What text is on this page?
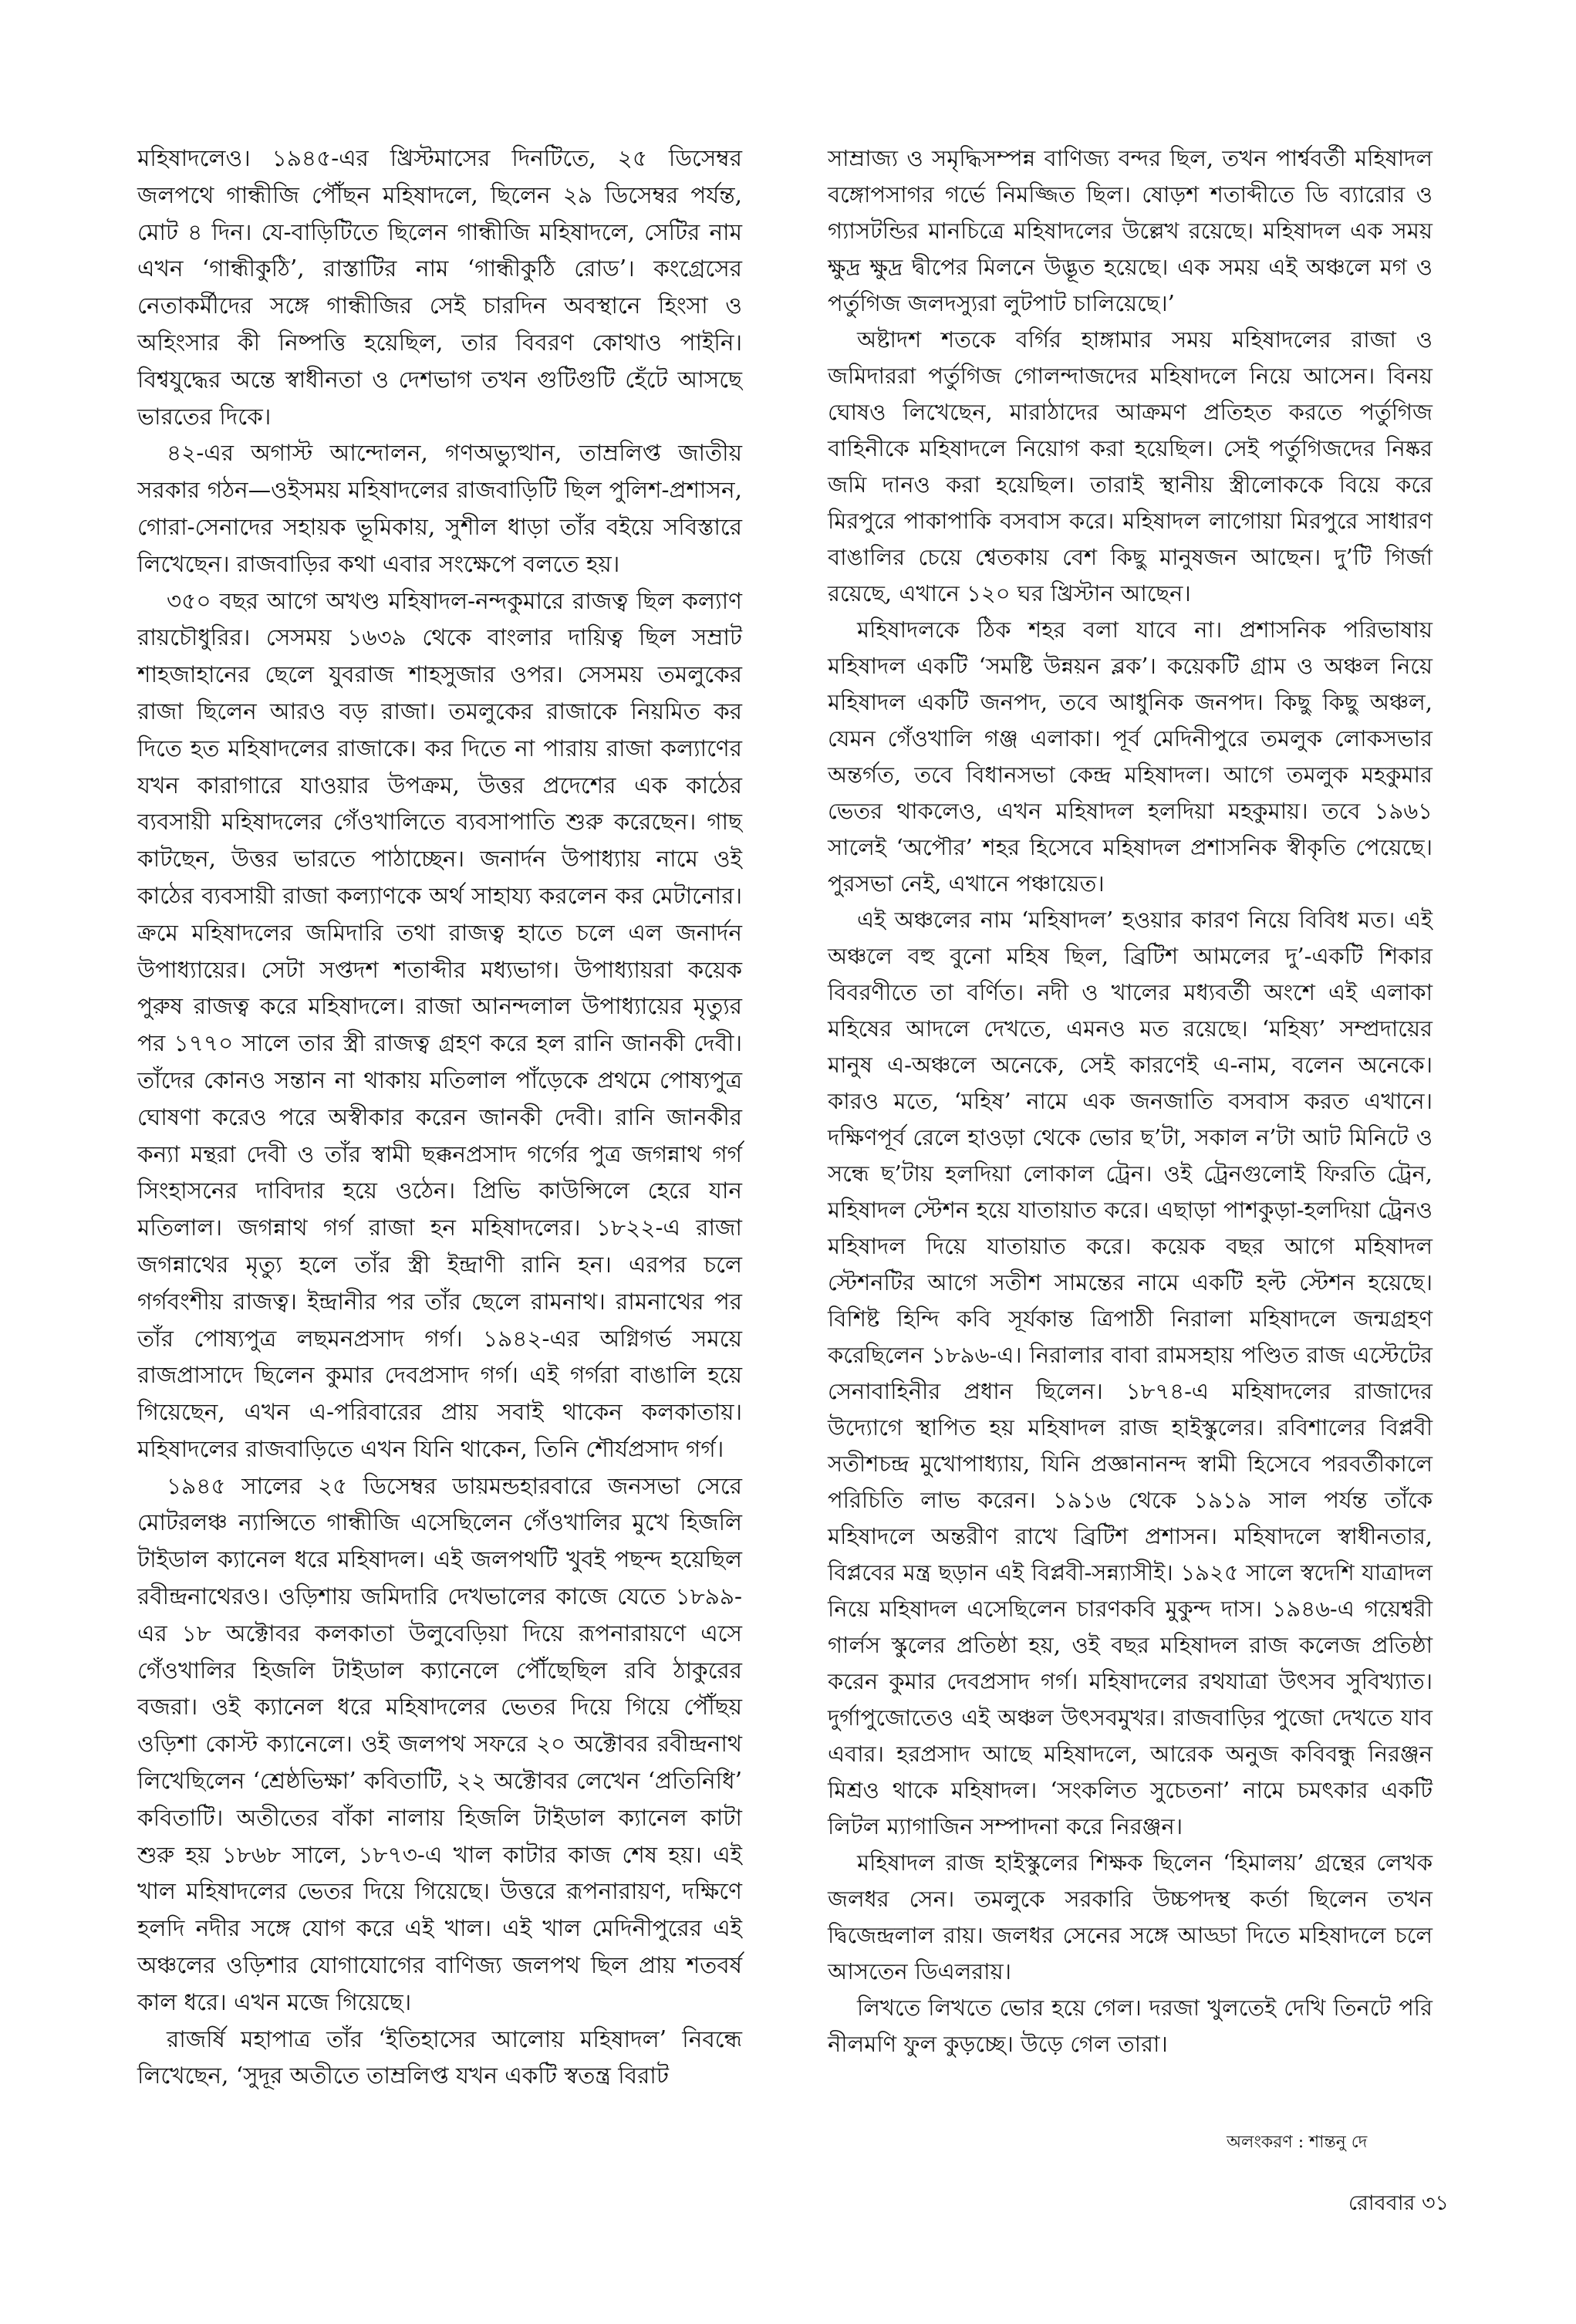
মহিষাদলেও। ১৯৪৫-এর খ্রিস্টমাসের দিনটিতে, ২৫ ডিসেম্বর জলপথে গান্ধীজি পৌঁছন মহিষাদলে, ছিলেন ২৯ ডিসেম্বর পর্যন্ত, মোট ৪ দিন। যে-বাড়িটিতে ছিলেন গান্ধীজি মহিষাদলে, সেটির নাম এখন ‘গান্ধীকুঠি’, রাস্তাটির নাম ‘গান্ধীকুঠি রোড’। কংগ্রেসের নেতাকর্মীদের সঙ্গে গান্ধীজির সেই চারদিন অবস্থানে হিংসা ও অহিংসার কী নিষ্পত্তি হয়েছিল, তার বিবরণ কোথাও পাইনি। বিশ্বযুদ্ধের অন্তে স্বাধীনতা ও দেশভাগ তখন গুটিগুটি হেঁটে আসছে ভারতের দিকে।

৪২-এর অগাস্ট আন্দোলন, গণঅভ্যুত্থান, তাম্রলিপ্ত জাতীয় সরকার গঠন—ওইসময় মহিষাদলের রাজবাড়িটি ছিল পুলিশ-প্রশাসন, গোরা-সেনাদের সহায়ক ভূমিকায়, সুশীল ধাড়া তাঁর বইয়ে সবিস্তারে লিখেছেন। রাজবাড়ির কথা এবার সংক্ষেপে বলতে হয়।

৩৫০ বছর আগে অখণ্ড মহিষাদল-নন্দকুমারে রাজত্ব ছিল কল্যাণ রায়চৌধুরির। সেসময় ১৬৩৯ থেকে বাংলার দায়িত্ব ছিল সম্রাট শাহজাহানের ছেলে যুবরাজ শাহসুজার ওপর। সেসময় তমলুকের রাজা ছিলেন আরও বড় রাজা। তমলুকের রাজাকে নিয়মিত কর দিতে হত মহিষাদলের রাজাকে। কর দিতে না পারায় রাজা কল্যাণের যখন কারাগারে যাওয়ার উপক্রম, উত্তর প্রদেশের এক কাঠের ব্যবসায়ী মহিষাদলের গেঁওখালিতে ব্যবসাপাতি শুরু করেছেন। গাছ কাটছেন, উত্তর ভারতে পাঠাচ্ছেন। জনার্দন উপাধ্যায় নামে ওই কাঠের ব্যবসায়ী রাজা কল্যাণকে অর্থ সাহায্য করলেন কর মেটানোর। ক্রমে মহিষাদলের জমিদারি তথা রাজত্ব হাতে চলে এল জনার্দন উপাধ্যায়ের। সেটা সপ্তদশ শতাব্দীর মধ্যভাগ। উপাধ্যায়রা কয়েক পুরুষ রাজত্ব করে মহিষাদলে। রাজা আনন্দলাল উপাধ্যায়ের মৃত্যুর পর ১৭৭০ সালে তার স্ত্রী রাজত্ব গ্রহণ করে হল রানি জানকী দেবী। তাঁদের কোনও সন্তান না থাকায় মতিলাল পাঁড়েকে প্রথমে পোষ্যপুত্র ঘোষণা করেও পরে অস্বীকার করেন জানকী দেবী। রানি জানকীর কন্যা মন্থরা দেবী ও তাঁর স্বামী ছক্কনপ্রসাদ গর্গের পুত্র জগন্নাথ গর্গ সিংহাসনের দাবিদার হয়ে ওঠেন। প্রিভি কাউন্সিলে হেরে যান মতিলাল। জগন্নাথ গর্গ রাজা হন মহিষাদলের। ১৮২২-এ রাজা জগন্নাথের মৃত্যু হলে তাঁর স্ত্রী ইন্দ্রাণী রানি হন। এরপর চলে গর্গবংশীয় রাজত্ব। ইন্দ্রানীর পর তাঁর ছেলে রামনাথ। রামনাথের পর তাঁর পোষ্যপুত্র লছমনপ্রসাদ গর্গ। ১৯৪২-এর অগ্নিগর্ভ সময়ে রাজপ্রাসাদে ছিলেন কুমার দেবপ্রসাদ গর্গ। এই গর্গরা বাঙালি হয়ে গিয়েছেন, এখন এ-পরিবারের প্রায় সবাই থাকেন কলকাতায়। মহিষাদলের রাজবাড়িতে এখন যিনি থাকেন, তিনি শৌর্যপ্রসাদ গর্গ।

১৯৪৫ সালের ২৫ ডিসেম্বর ডায়মন্ডহারবারে জনসভা সেরে মোটরলঞ্চ ন্যান্সিতে গান্ধীজি এসেছিলেন গেঁওখালির মুখে হিজলি টাইডাল ক্যানেল ধরে মহিষাদল। এই জলপথটি খুবই পছন্দ হয়েছিল রবীন্দ্রনাথেরও। ওড়িশায় জমিদারি দেখভালের কাজে যেতে ১৮৯৯-এর ১৮ অক্টোবর কলকাতা উলুবেড়িয়া দিয়ে রূপনারায়ণে এসে গেঁওখালির হিজলি টাইডাল ক্যানেলে পৌঁছেছিল রবি ঠাকুরের বজরা। ওই ক্যানেল ধরে মহিষাদলের ভেতর দিয়ে গিয়ে পৌঁছয় ওড়িশা কোস্ট ক্যানেলে। ওই জলপথ সফরে ২০ অক্টোবর রবীন্দ্রনাথ লিখেছিলেন ‘শ্রেষ্ঠভিক্ষা’ কবিতাটি, ২২ অক্টোবর লেখেন ‘প্রতিনিধি’ কবিতাটি। অতীতের বাঁকা নালায় হিজলি টাইডাল ক্যানেল কাটা শুরু হয় ১৮৬৮ সালে, ১৮৭৩-এ খাল কাটার কাজ শেষ হয়। এই খাল মহিষাদলের ভেতর দিয়ে গিয়েছে। উত্তরে রূপনারায়ণ, দক্ষিণে হলদি নদীর সঙ্গে যোগ করে এই খাল। এই খাল মেদিনীপুরের এই অঞ্চলের ওড়িশার যোগাযোগের বাণিজ্য জলপথ ছিল প্রায় শতবর্ষ কাল ধরে। এখন মজে গিয়েছে।

রাজর্ষি মহাপাত্র তাঁর ‘ইতিহাসের আলোয় মহিষাদল’ নিবন্ধে লিখেছেন, ‘সুদূর অতীতে তাম্রলিপ্ত যখন একটি স্বতন্ত্র বিরাট

সাম্রাজ্য ও সমৃদ্ধিসম্পন্ন বাণিজ্য বন্দর ছিল, তখন পার্শ্ববর্তী মহিষাদল বঙ্গোপসাগর গর্ভে নিমজ্জিত ছিল। ষোড়শ শতাব্দীতে ডি ব্যারোর ও গ্যাসটন্ডির মানচিত্রে মহিষাদলের উল্লেখ রয়েছে। মহিষাদল এক সময় ক্ষুদ্র ক্ষুদ্র দ্বীপের মিলনে উদ্ভূত হয়েছে। এক সময় এই অঞ্চলে মগ ও পর্তুগিজ জলদস্যুরা লুটপাট চালিয়েছে।’

অষ্টাদশ শতকে বর্গির হাঙ্গামার সময় মহিষাদলের রাজা ও জমিদাররা পর্তুগিজ গোলন্দাজদের মহিষাদলে নিয়ে আসেন। বিনয় ঘোষও লিখেছেন, মারাঠাদের আক্রমণ প্রতিহত করতে পর্তুগিজ বাহিনীকে মহিষাদলে নিয়োগ করা হয়েছিল। সেই পর্তুগিজদের নিষ্কর জমি দানও করা হয়েছিল। তারাই স্থানীয় স্ত্রীলোককে বিয়ে করে মিরপুরে পাকাপাকি বসবাস করে। মহিষাদল লাগোয়া মিরপুরে সাধারণ বাঙালির চেয়ে শ্বেতকায় বেশ কিছু মানুষজন আছেন। দু’টি গির্জা রয়েছে, এখানে ১২০ ঘর খ্রিস্টান আছেন।

মহিষাদলকে ঠিক শহর বলা যাবে না। প্রশাসনিক পরিভাষায় মহিষাদল একটি ‘সমষ্টি উন্নয়ন ব্লক’। কয়েকটি গ্রাম ও অঞ্চল নিয়ে মহিষাদল একটি জনপদ, তবে আধুনিক জনপদ। কিছু কিছু অঞ্চল, যেমন গেঁওখালি গঞ্জ এলাকা। পূর্ব মেদিনীপুরে তমলুক লোকসভার অন্তর্গত, তবে বিধানসভা কেন্দ্র মহিষাদল। আগে তমলুক মহকুমার ভেতর থাকলেও, এখন মহিষাদল হলদিয়া মহকুমায়। তবে ১৯৬১ সালেই ‘অপৌর’ শহর হিসেবে মহিষাদল প্রশাসনিক স্বীকৃতি পেয়েছে। পুরসভা নেই, এখানে পঞ্চায়েত।

এই অঞ্চলের নাম ‘মহিষাদল’ হওয়ার কারণ নিয়ে বিবিধ মত। এই অঞ্চলে বহু বুনো মহিষ ছিল, ব্রিটিশ আমলের দু’-একটি শিকার বিবরণীতে তা বর্ণিত। নদী ও খালের মধ্যবর্তী অংশে এই এলাকা মহিষের আদলে দেখতে, এমনও মত রয়েছে। ‘মহিষ্য’ সম্প্রদায়ের মানুষ এ-অঞ্চলে অনেকে, সেই কারণেই এ-নাম, বলেন অনেকে। কারও মতে, ‘মহিষ’ নামে এক জনজাতি বসবাস করত এখানে। দক্ষিণপূর্ব রেলে হাওড়া থেকে ভোর ছ’টা, সকাল ন’টা আট মিনিটে ও সন্ধে ছ’টায় হলদিয়া লোকাল ট্রেন। ওই ট্রেনগুলোই ফিরতি ট্রেন, মহিষাদল স্টেশন হয়ে যাতায়াত করে। এছাড়া পাশকুড়া-হলদিয়া ট্রেনও মহিষাদল দিয়ে যাতায়াত করে। কয়েক বছর আগে মহিষাদল স্টেশনটির আগে সতীশ সামন্তের নামে একটি হল্ট স্টেশন হয়েছে। বিশিষ্ট হিন্দি কবি সূর্যকান্ত ত্রিপাঠী নিরালা মহিষাদলে জন্মগ্রহণ করেছিলেন ১৮৯৬-এ। নিরালার বাবা রামসহায় পণ্ডিত রাজ এস্টেটের সেনাবাহিনীর প্রধান ছিলেন। ১৮৭৪-এ মহিষাদলের রাজাদের উদ্যোগে স্থাপিত হয় মহিষাদল রাজ হাইস্কুলের। রবিশালের বিপ্লবী সতীশচন্দ্র মুখোপাধ্যায়, যিনি প্রজ্ঞানানন্দ স্বামী হিসেবে পরবর্তীকালে পরিচিতি লাভ করেন। ১৯১৬ থেকে ১৯১৯ সাল পর্যন্ত তাঁকে মহিষাদলে অন্তরীণ রাখে ব্রিটিশ প্রশাসন। মহিষাদলে স্বাধীনতার, বিপ্লবের মন্ত্র ছড়ান এই বিপ্লবী-সন্ন্যাসীই। ১৯২৫ সালে স্বদেশি যাত্রাদল নিয়ে মহিষাদল এসেছিলেন চারণকবি মুকুন্দ দাস। ১৯৪৬-এ গয়েশ্বরী গার্লস স্কুলের প্রতিষ্ঠা হয়, ওই বছর মহিষাদল রাজ কলেজ প্রতিষ্ঠা করেন কুমার দেবপ্রসাদ গর্গ। মহিষাদলের রথযাত্রা উৎসব সুবিখ্যাত। দুর্গাপুজোতেও এই অঞ্চল উৎসবমুখর। রাজবাড়ির পুজো দেখতে যাব এবার। হরপ্রসাদ আছে মহিষাদলে, আরেক অনুজ কবিবন্ধু নিরঞ্জন মিশ্রও থাকে মহিষাদল। ‘সংকলিত সুচেতনা’ নামে চমৎকার একটি লিটল ম্যাগাজিন সম্পাদনা করে নিরঞ্জন।

মহিষাদল রাজ হাইস্কুলের শিক্ষক ছিলেন ‘হিমালয়’ গ্রন্থের লেখক জলধর সেন। তমলুকে সরকারি উচ্চপদস্থ কর্তা ছিলেন তখন দ্বিজেন্দ্রলাল রায়। জলধর সেনের সঙ্গে আড্ডা দিতে মহিষাদলে চলে আসতেন ডিএলরায়।

লিখতে লিখতে ভোর হয়ে গেল। দরজা খুলতেই দেখি তিনটে পরি নীলমণি ফুল কুড়চ্ছে। উড়ে গেল তারা।

অলংকরণ : শান্তনু দে
রোববার ৩১
